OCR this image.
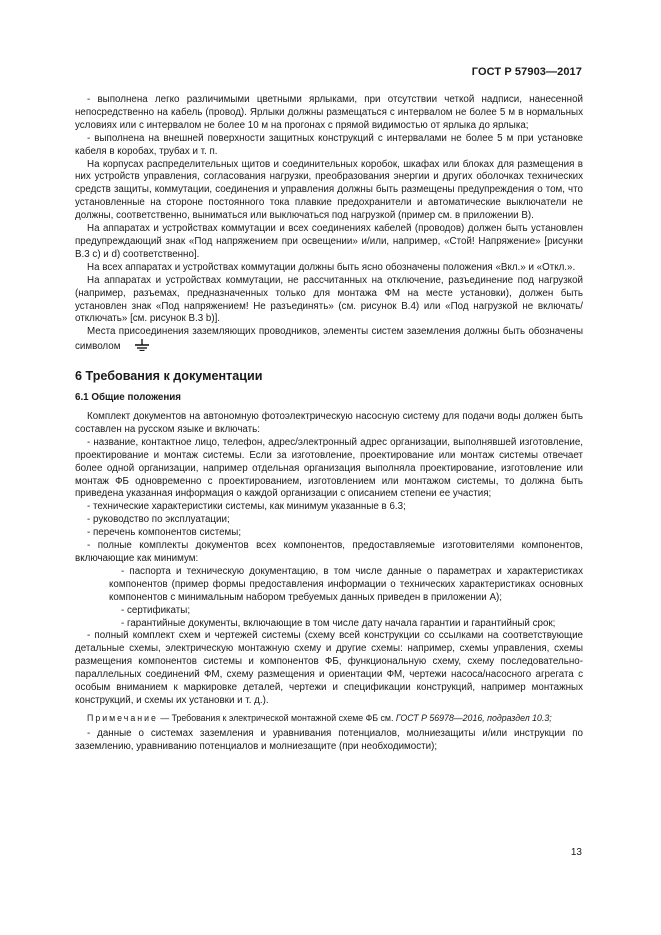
ГОСТ Р 57903—2017

- выполнена легко различимыми цветными ярлыками, при отсутствии четкой надписи, нанесенной непосредственно на кабель (провод). Ярлыки должны размещаться с интервалом не более 5 м в нормальных условиях или с интервалом не более 10 м на прогонах с прямой видимостью от ярлыка до ярлыка;

- выполнена на внешней поверхности защитных конструкций с интервалами не более 5 м при установке кабеля в коробах, трубах и т. п.

На корпусах распределительных щитов и соединительных коробок, шкафах или блоках для размещения в них устройств управления, согласования нагрузки, преобразования энергии и других оболочках технических средств защиты, коммутации, соединения и управления должны быть размещены предупреждения о том, что установленные на стороне постоянного тока плавкие предохранители и автоматические выключатели не должны, соответственно, выниматься или выключаться под нагрузкой (пример см. в приложении В).

На аппаратах и устройствах коммутации и всех соединениях кабелей (проводов) должен быть установлен предупреждающий знак «Под напряжением при освещении» и/или, например, «Стой! Напряжение» [рисунки В.3 c) и d) соответственно].

На всех аппаратах и устройствах коммутации должны быть ясно обозначены положения «Вкл.» и «Откл.».

На аппаратах и устройствах коммутации, не рассчитанных на отключение, разъединение под нагрузкой (например, разъемах, предназначенных только для монтажа ФМ на месте установки), должен быть установлен знак «Под напряжением! Не разъединять» (см. рисунок В.4) или «Под нагрузкой не включать/отключать» [см. рисунок В.3 b)].

Места присоединения заземляющих проводников, элементы систем заземления должны быть обозначены символом

6 Требования к документации
6.1 Общие положения

Комплект документов на автономную фотоэлектрическую насосную систему для подачи воды должен быть составлен на русском языке и включать:

- название, контактное лицо, телефон, адрес/электронный адрес организации, выполнявшей изготовление, проектирование и монтаж системы. Если за изготовление, проектирование или монтаж системы отвечает более одной организации, например отдельная организация выполняла проектирование, изготовление или монтаж ФБ одновременно с проектированием, изготовлением или монтажом системы, то должна быть приведена указанная информация о каждой организации с описанием степени ее участия;

- технические характеристики системы, как минимум указанные в 6.3;

- руководство по эксплуатации;

- перечень компонентов системы;

- полные комплекты документов всех компонентов, предоставляемые изготовителями компонентов, включающие как минимум:

- паспорта и техническую документацию, в том числе данные о параметрах и характеристиках компонентов (пример формы предоставления информации о технических характеристиках основных компонентов с минимальным набором требуемых данных приведен в приложении А);

- сертификаты;

- гарантийные документы, включающие в том числе дату начала гарантии и гарантийный срок;

- полный комплект схем и чертежей системы (схему всей конструкции со ссылками на соответствующие детальные схемы, электрическую монтажную схему и другие схемы: например, схемы управления, схемы размещения компонентов системы и компонентов ФБ, функциональную схему, схему последовательно-параллельных соединений ФМ, схему размещения и ориентации ФМ, чертежи насоса/насосного агрегата с особым вниманием к маркировке деталей, чертежи и спецификации конструкций, например монтажных конструкций, и схемы их установки и т. д.).

Примечание — Требования к электрической монтажной схеме ФБ см. ГОСТ Р 56978—2016, подраздел 10.3;

- данные о системах заземления и уравнивания потенциалов, молниезащиты и/или инструкции по заземлению, уравниванию потенциалов и молниезащите (при необходимости);

13
